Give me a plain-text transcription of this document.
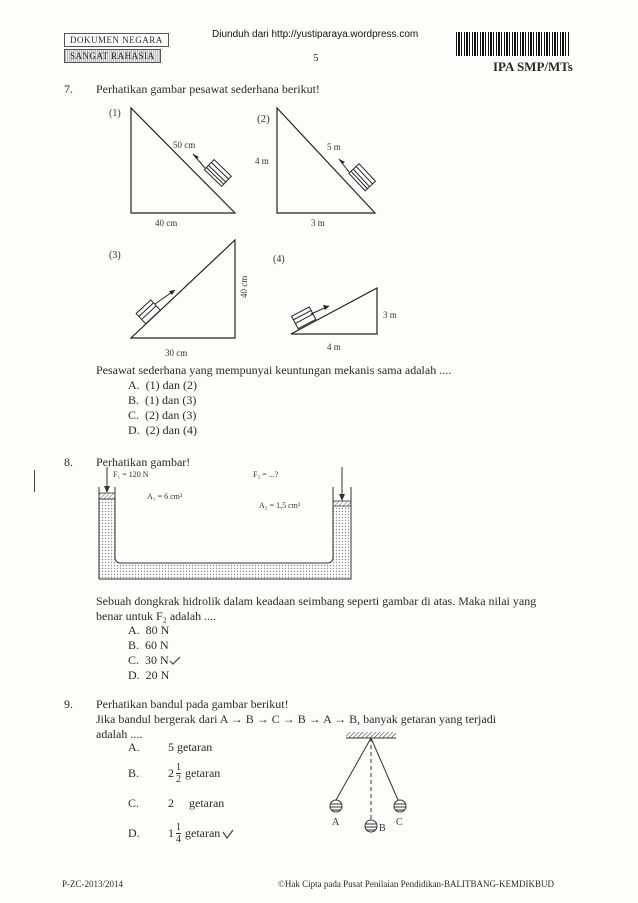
DOKUMEN NEGARA
SANGAT RAHASIA
Diunduh dari http://yustiparaya.wordpress.com
5
IPA SMP/MTs
7. Perhatikan gambar pesawat sederhana berikut!
(1)
50 cm
40 cm
(2)
5 m
4 m
3 m
(3)
40 cm
30 cm
(4)
3 m
4 m
Pesawat sederhana yang mempunyai keuntungan mekanis sama adalah ....
A. (1) dan (2)
B. (1) dan (3)
C. (2) dan (3)
D. (2) dan (4)
8. Perhatikan gambar!
F₁ = 120 N
A₁ = 6 cm²
F₂ = ...?
A₂ = 1,5 cm²
Sebuah dongkrak hidrolik dalam keadaan seimbang seperti gambar di atas. Maka nilai yang
benar untuk F₂ adalah ....
A. 80 N
B. 60 N
C. 30 N
D. 20 N
9. Perhatikan bandul pada gambar berikut!
Jika bandul bergerak dari A → B → C → B → A → B, banyak getaran yang terjadi
adalah ....
A. 5 getaran
B. $2 \frac{1}{2}$ getaran
C. 2 getaran
D. $1 \frac{1}{4}$ getaran
A
B
C
P-ZC-2013/2014	©Hak Cipta pada Pusat Penilaian Pendidikan-BALITBANG-KEMDIKBUD
